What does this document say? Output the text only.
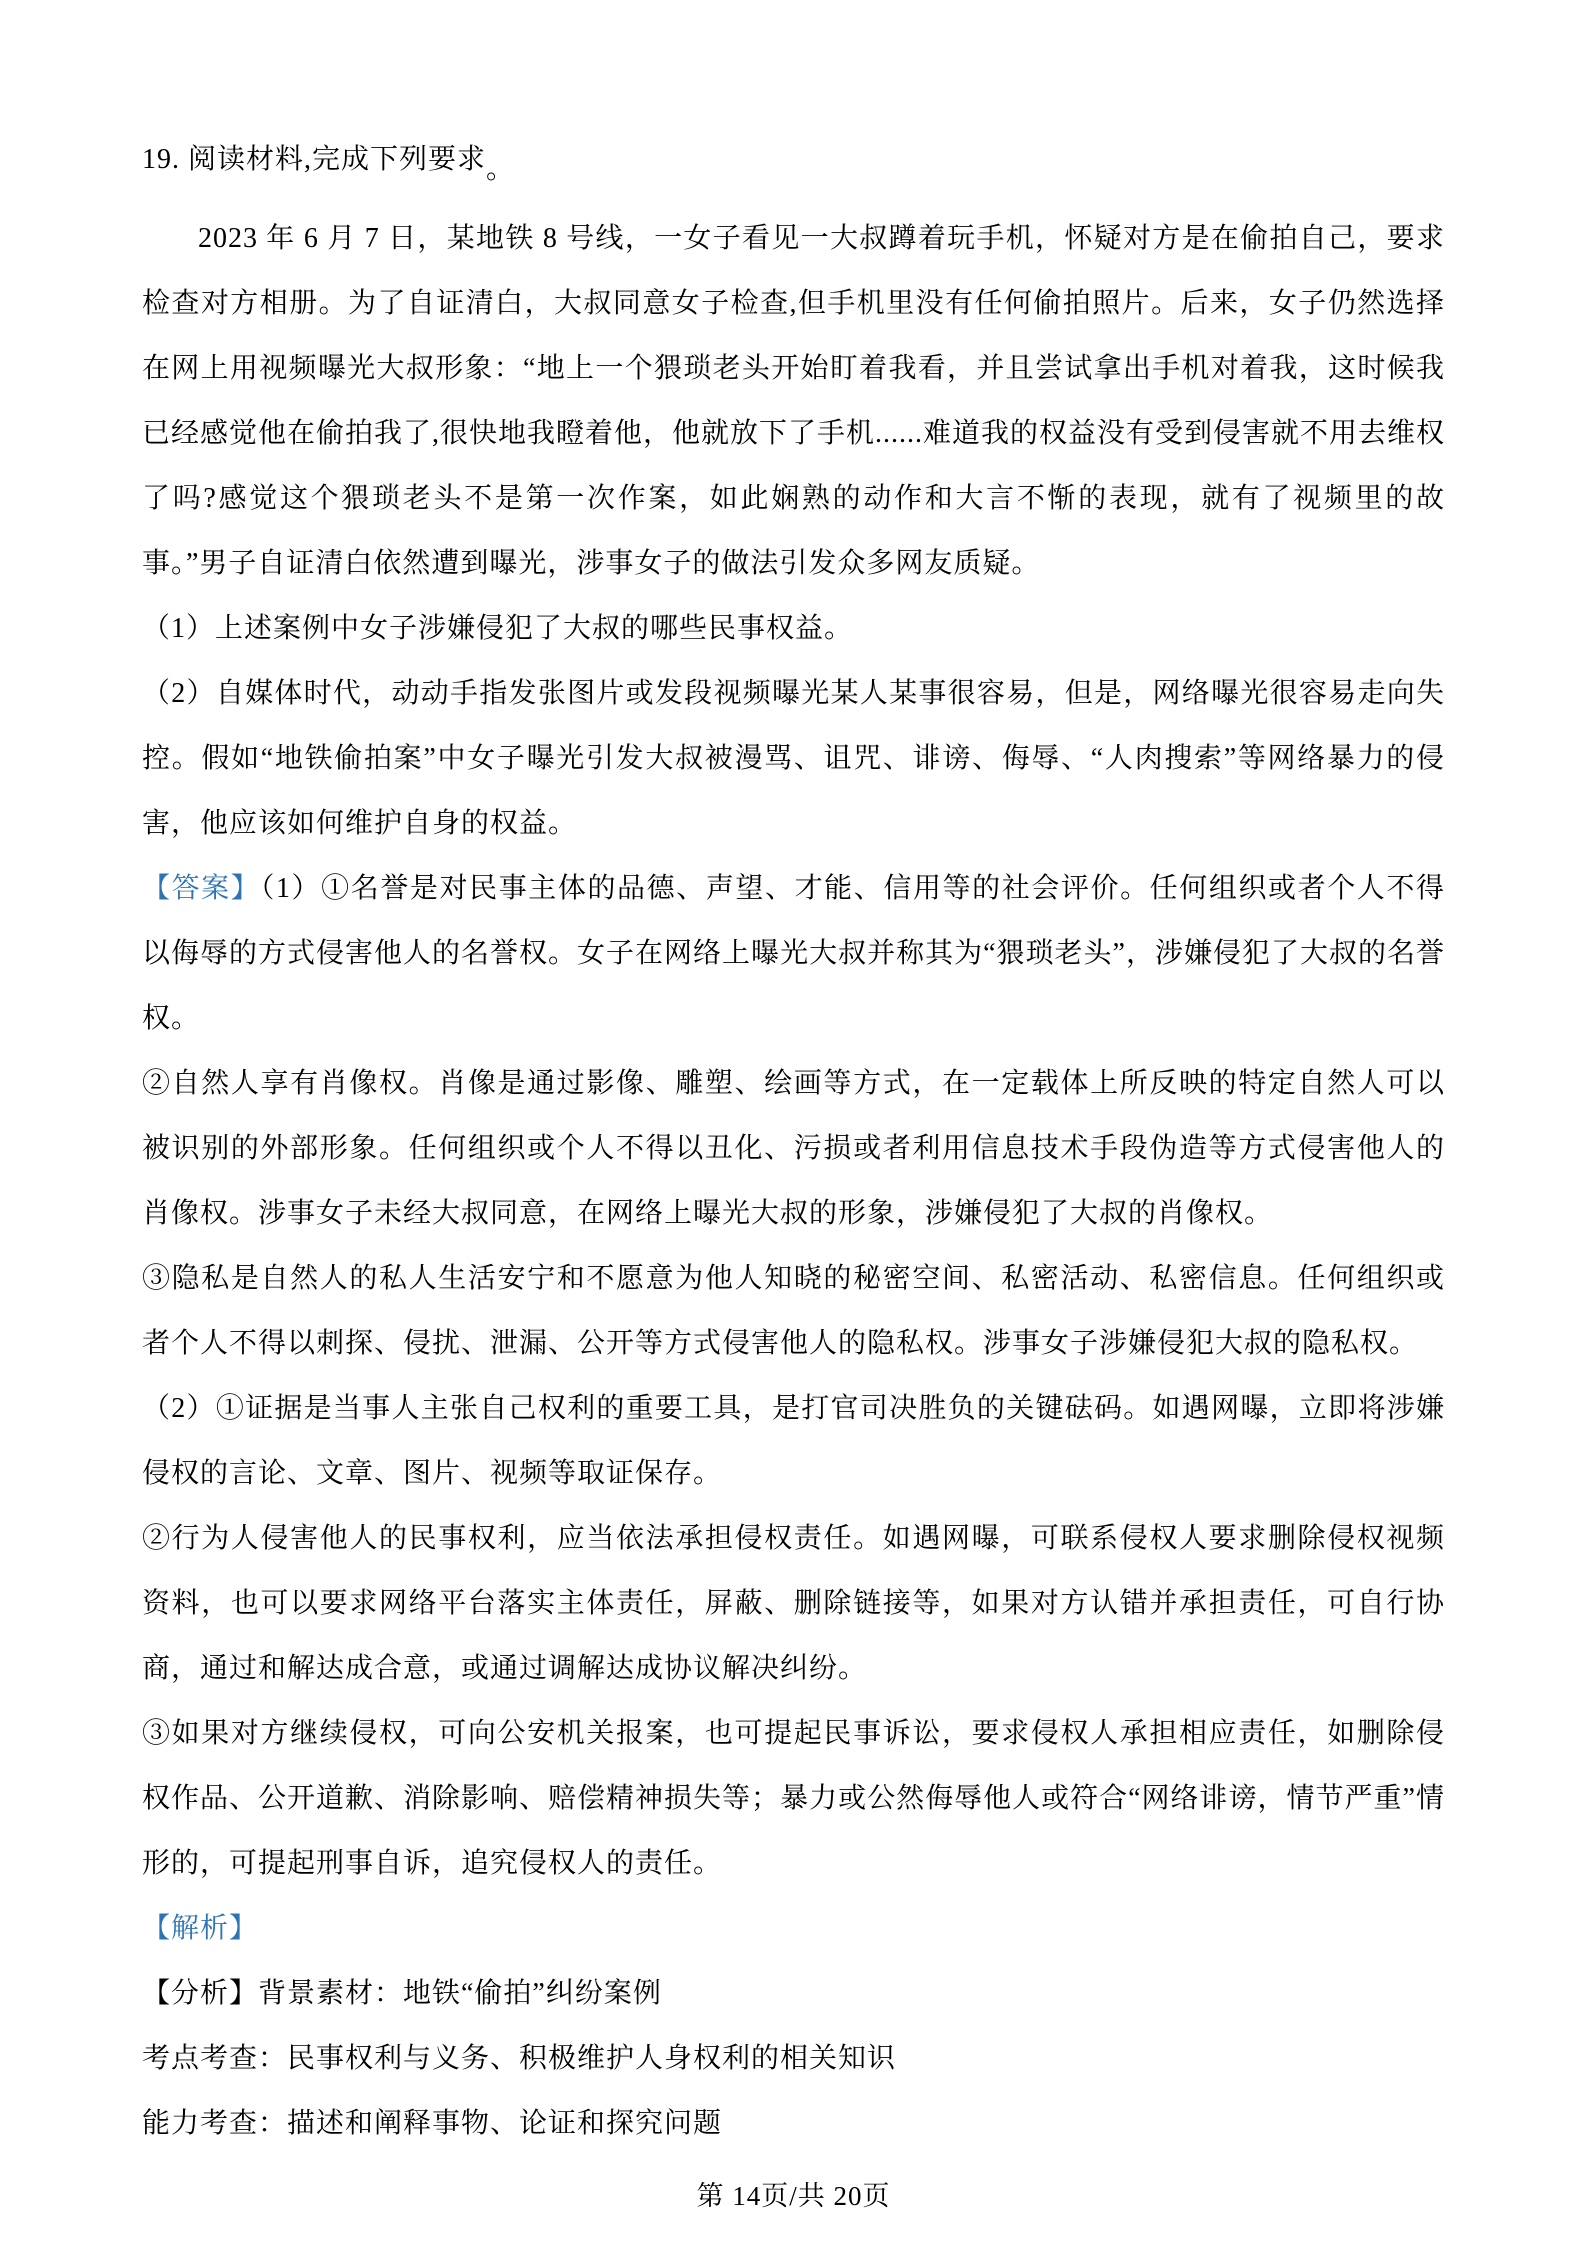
19. 阅读材料,完成下列要求。

2023 年 6 月 7 日，某地铁 8 号线，一女子看见一大叔蹲着玩手机，怀疑对方是在偷拍自己，要求检查对方相册。为了自证清白，大叔同意女子检查,但手机里没有任何偷拍照片。后来，女子仍然选择在网上用视频曝光大叔形象：“地上一个猥琐老头开始盯着我看，并且尝试拿出手机对着我，这时候我已经感觉他在偷拍我了,很快地我瞪着他，他就放下了手机......难道我的权益没有受到侵害就不用去维权了吗?感觉这个猥琐老头不是第一次作案，如此娴熟的动作和大言不惭的表现，就有了视频里的故事。”男子自证清白依然遭到曝光，涉事女子的做法引发众多网友质疑。

（1）上述案例中女子涉嫌侵犯了大叔的哪些民事权益。

（2）自媒体时代，动动手指发张图片或发段视频曝光某人某事很容易，但是，网络曝光很容易走向失控。假如“地铁偷拍案”中女子曝光引发大叔被漫骂、诅咒、诽谤、侮辱、“人肉搜索”等网络暴力的侵害，他应该如何维护自身的权益。

【答案】（1）①名誉是对民事主体的品德、声望、才能、信用等的社会评价。任何组织或者个人不得以侮辱的方式侵害他人的名誉权。女子在网络上曝光大叔并称其为“猥琐老头”，涉嫌侵犯了大叔的名誉权。

②自然人享有肖像权。肖像是通过影像、雕塑、绘画等方式，在一定载体上所反映的特定自然人可以被识别的外部形象。任何组织或个人不得以丑化、污损或者利用信息技术手段伪造等方式侵害他人的肖像权。涉事女子未经大叔同意，在网络上曝光大叔的形象，涉嫌侵犯了大叔的肖像权。

③隐私是自然人的私人生活安宁和不愿意为他人知晓的秘密空间、私密活动、私密信息。任何组织或者个人不得以刺探、侵扰、泄漏、公开等方式侵害他人的隐私权。涉事女子涉嫌侵犯大叔的隐私权。

（2）①证据是当事人主张自己权利的重要工具，是打官司决胜负的关键砝码。如遇网曝，立即将涉嫌侵权的言论、文章、图片、视频等取证保存。

②行为人侵害他人的民事权利，应当依法承担侵权责任。如遇网曝，可联系侵权人要求删除侵权视频资料，也可以要求网络平台落实主体责任，屏蔽、删除链接等，如果对方认错并承担责任，可自行协商，通过和解达成合意，或通过调解达成协议解决纠纷。

③如果对方继续侵权，可向公安机关报案，也可提起民事诉讼，要求侵权人承担相应责任，如删除侵权作品、公开道歉、消除影响、赔偿精神损失等；暴力或公然侮辱他人或符合“网络诽谤，情节严重”情形的，可提起刑事自诉，追究侵权人的责任。

【解析】

【分析】背景素材：地铁“偷拍”纠纷案例

考点考查：民事权利与义务、积极维护人身权利的相关知识

能力考查：描述和阐释事物、论证和探究问题

第 14页/共 20页
